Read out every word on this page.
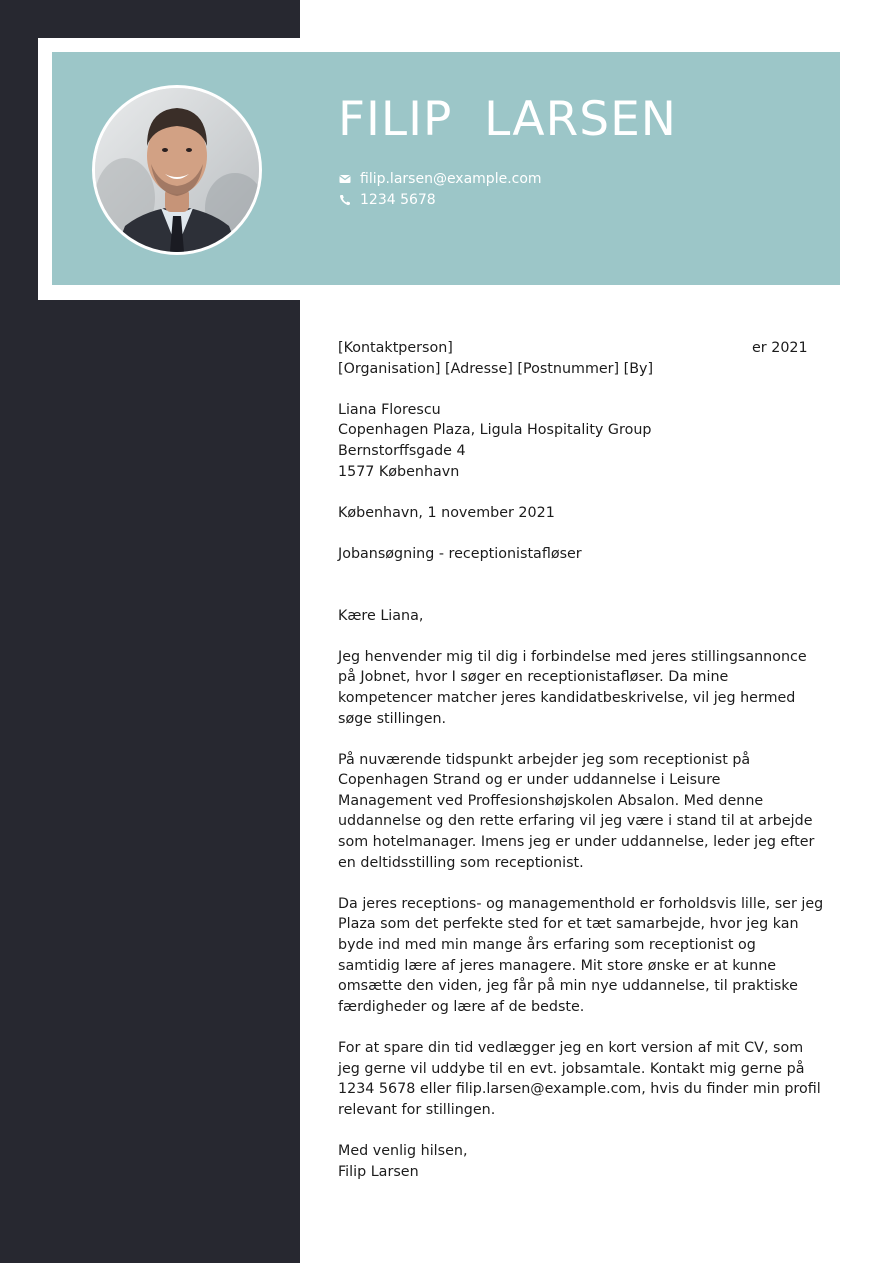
FILIP  LARSEN
filip.larsen@example.com
1234 5678
[Kontaktperson]	er 2021
[Organisation] [Adresse] [Postnummer] [By]
Liana Florescu
Copenhagen Plaza, Ligula Hospitality Group
Bernstorffsgade 4
1577 København
København, 1 november 2021
Jobansøgning - receptionistafløser
Kære Liana,

Jeg henvender mig til dig i forbindelse med jeres stillingsannonce
på Jobnet, hvor I søger en receptionistafløser. Da mine
kompetencer matcher jeres kandidatbeskrivelse, vil jeg hermed
søge stillingen.

På nuværende tidspunkt arbejder jeg som receptionist på
Copenhagen Strand og er under uddannelse i Leisure
Management ved Proffesionshøjskolen Absalon. Med denne
uddannelse og den rette erfaring vil jeg være i stand til at arbejde
som hotelmanager. Imens jeg er under uddannelse, leder jeg efter
en deltidsstilling som receptionist.

Da jeres receptions- og managementhold er forholdsvis lille, ser jeg
Plaza som det perfekte sted for et tæt samarbejde, hvor jeg kan
byde ind med min mange års erfaring som receptionist og
samtidig lære af jeres managere. Mit store ønske er at kunne
omsætte den viden, jeg får på min nye uddannelse, til praktiske
færdigheder og lære af de bedste.

For at spare din tid vedlægger jeg en kort version af mit CV, som
jeg gerne vil uddybe til en evt. jobsamtale. Kontakt mig gerne på
1234 5678 eller filip.larsen@example.com, hvis du finder min profil
relevant for stillingen.

Med venlig hilsen,
Filip Larsen
